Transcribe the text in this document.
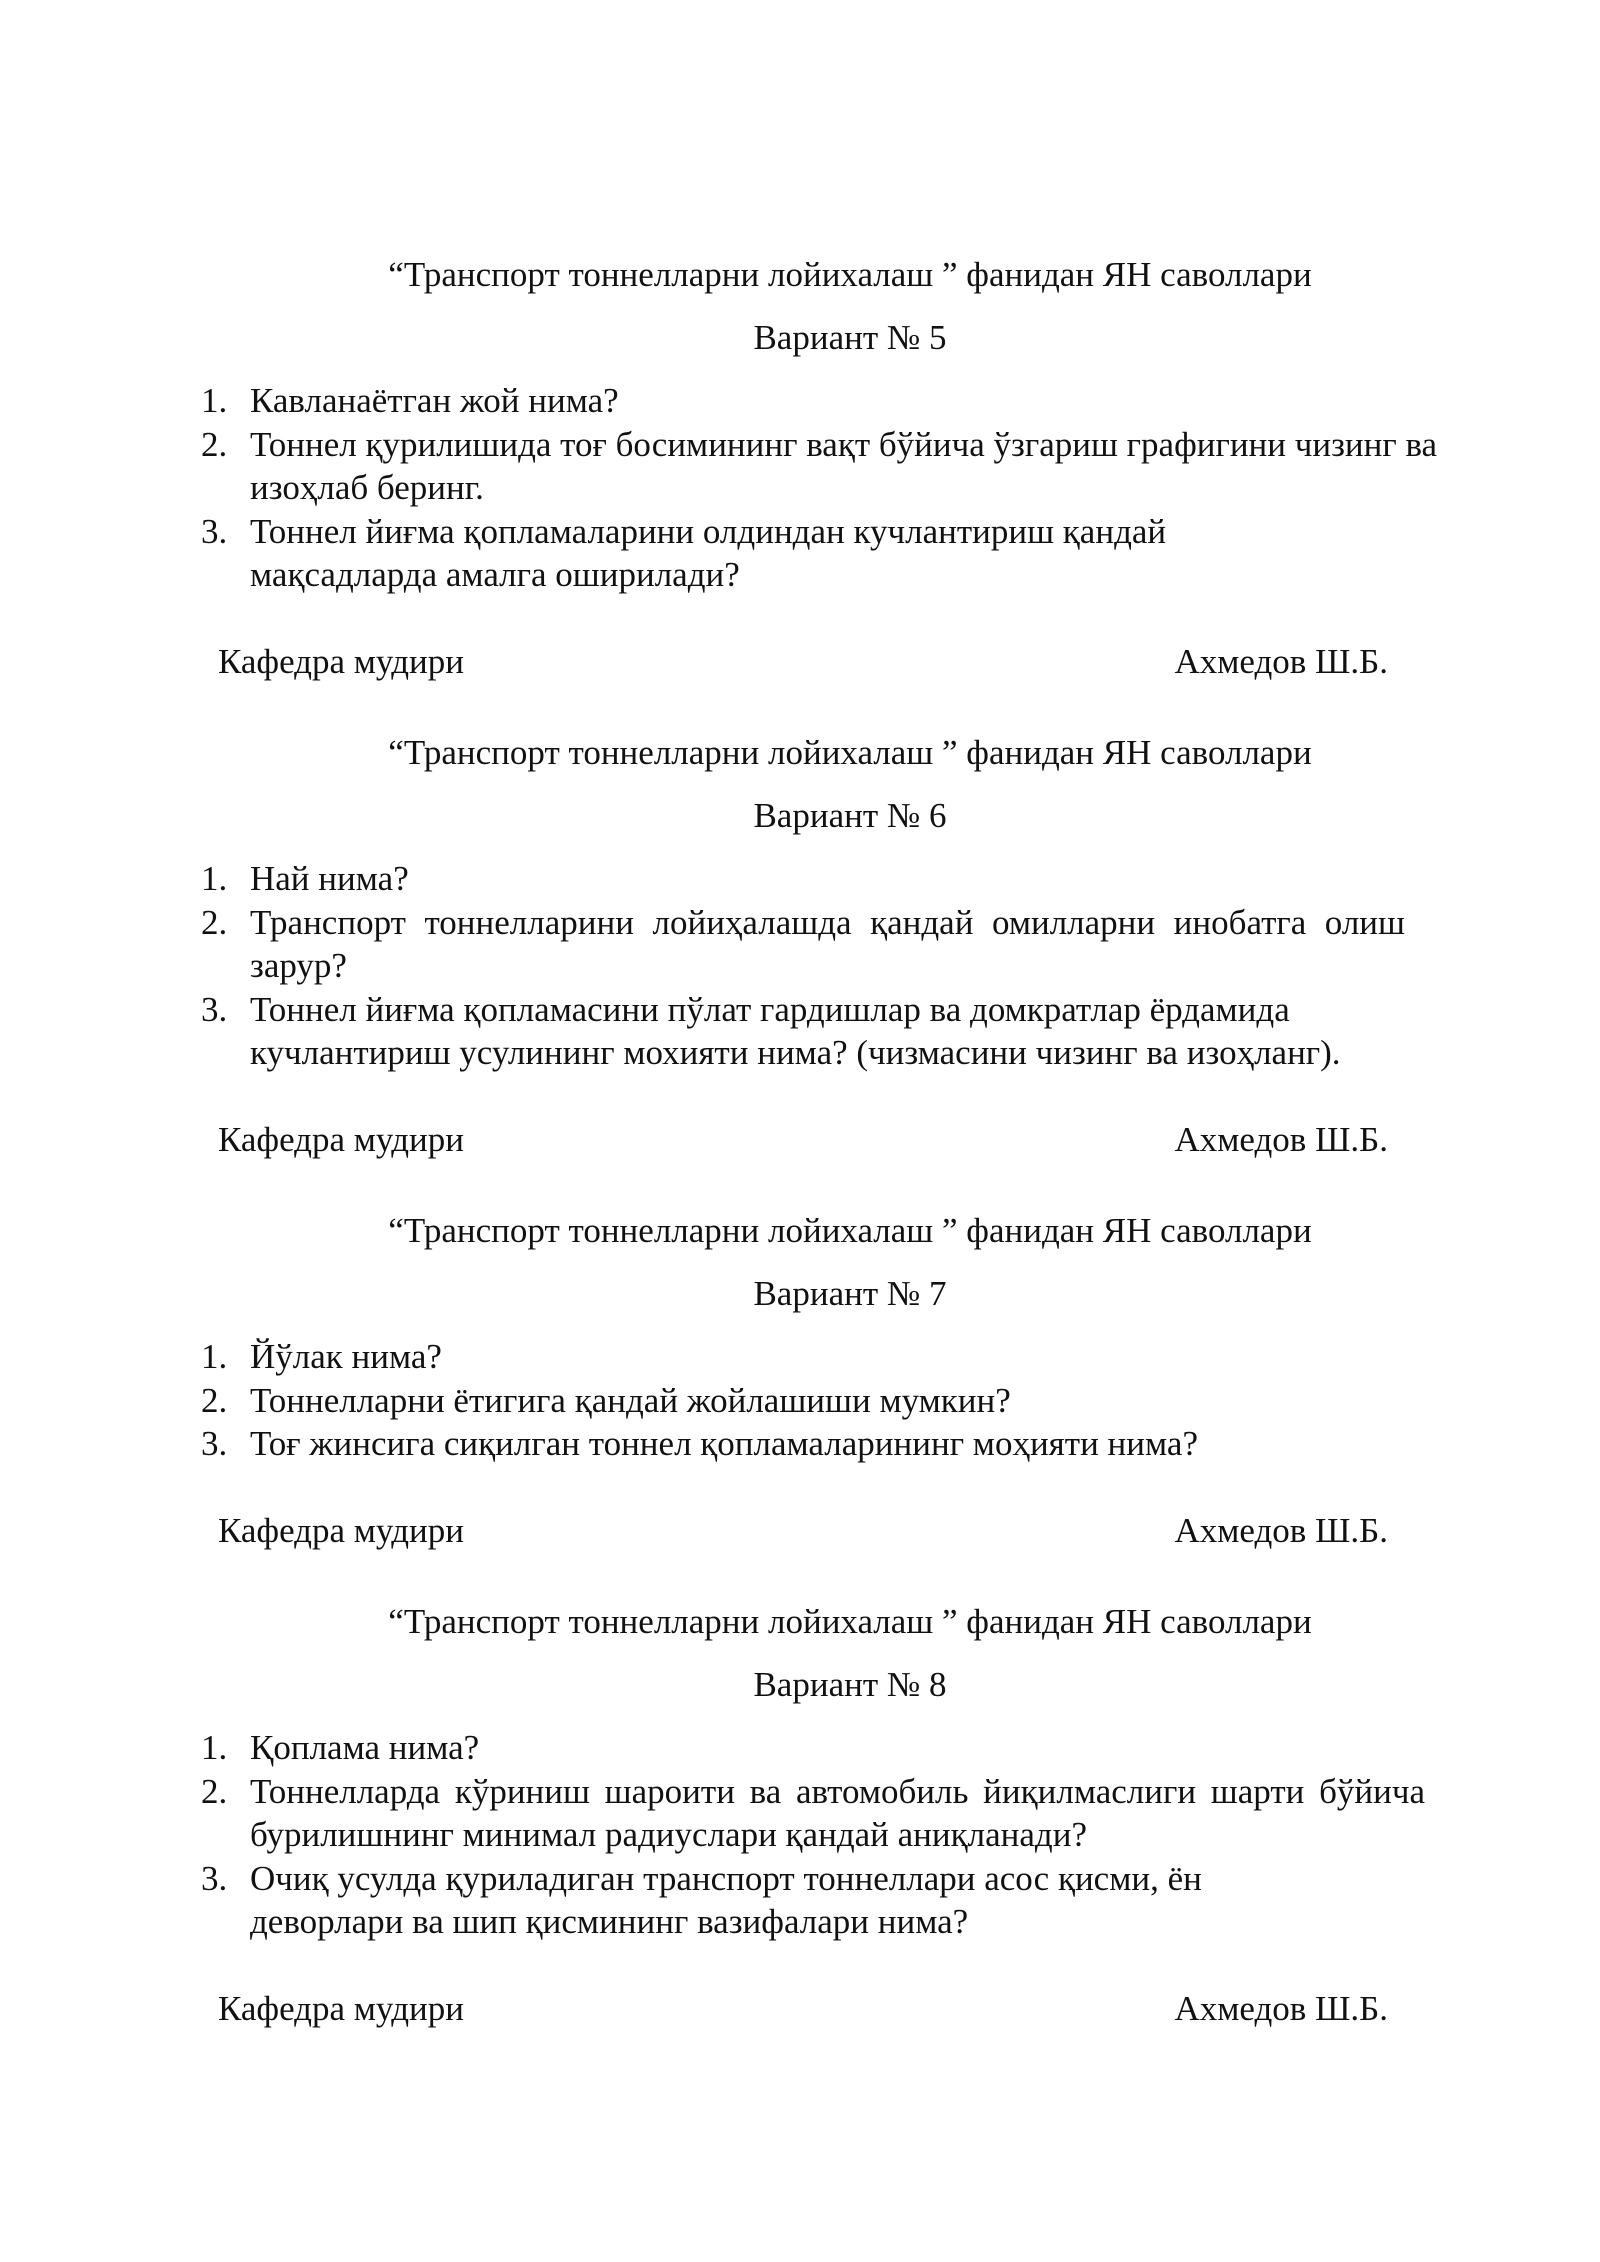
“Транспорт тоннелларни лойихалаш ” фанидан ЯН саволлари
Вариант № 5
1. Кавланаётган жой нима?
2. Тоннел қурилишида тоғ босимининг вақт бўйича ўзгариш графигини чизинг ва изоҳлаб беринг.
3. Тоннел йиғма қопламаларини олдиндан кучлантириш қандай мақсадларда амалга оширилади?
Кафедра мудири	Ахмедов Ш.Б.
“Транспорт тоннелларни лойихалаш ” фанидан ЯН саволлари
Вариант № 6
1. Най нима?
2. Транспорт тоннелларини лойиҳалашда қандай омилларни инобатга олиш зарур?
3. Тоннел йиғма қопламасини пўлат гардишлар ва домкратлар ёрдамида кучлантириш усулининг мохияти нима? (чизмасини чизинг ва изоҳланг).
Кафедра мудири	Ахмедов Ш.Б.
“Транспорт тоннелларни лойихалаш ” фанидан ЯН саволлари
Вариант № 7
1. Йўлак нима?
2. Тоннелларни ётигига қандай жойлашиши мумкин?
3. Тоғ жинсига сиқилган тоннел қопламаларининг моҳияти нима?
Кафедра мудири	Ахмедов Ш.Б.
“Транспорт тоннелларни лойихалаш ” фанидан ЯН саволлари
Вариант № 8
1. Қоплама нима?
2. Тоннелларда кўриниш шароити ва автомобиль йиқилмаслиги шарти бўйича бурилишнинг минимал радиуслари қандай аниқланади?
3. Очиқ усулда қуриладиган транспорт тоннеллари асос қисми, ён деворлари ва шип қисмининг вазифалари нима?
Кафедра мудири	Ахмедов Ш.Б.
